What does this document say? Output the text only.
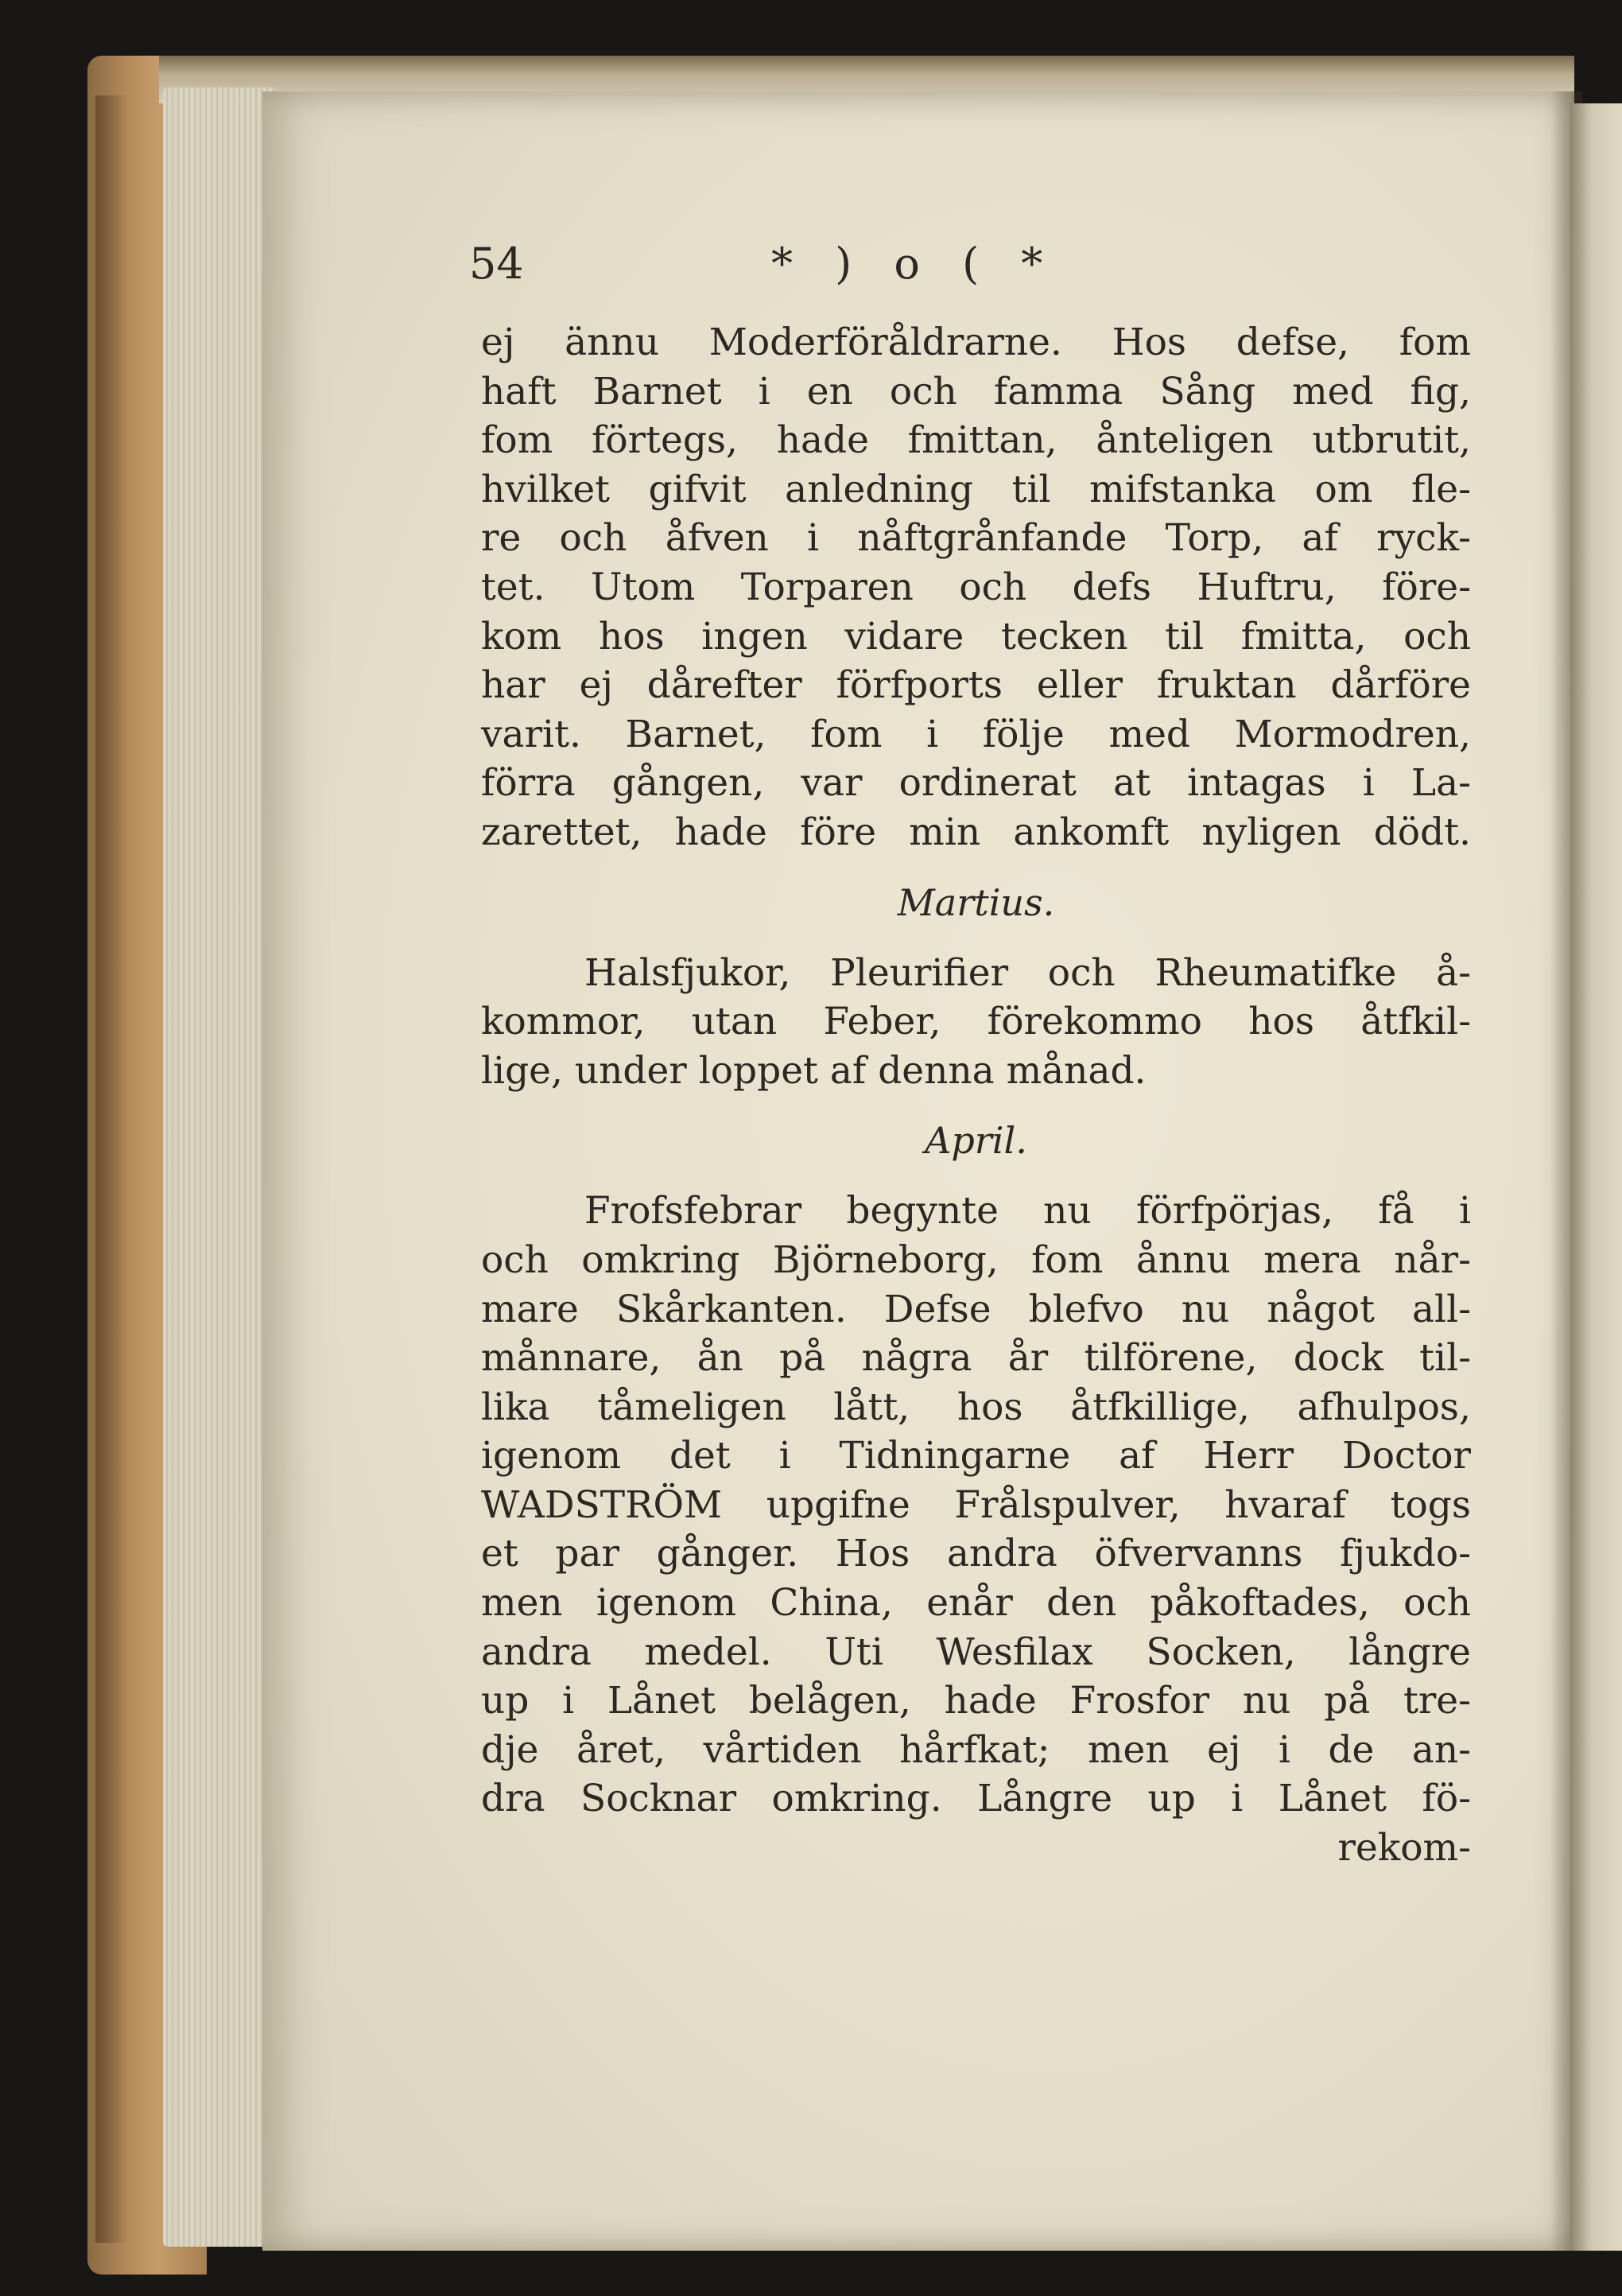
54	* ) o ( *
ej ännu Moderföråldrarne. Hos defse, fom
haft Barnet i en och famma Sång med fig,
fom förtegs, hade fmittan, ånteligen utbrutit,
hvilket gifvit anledning til mifstanka om fle-
re och åfven i nåftgrånfande Torp, af ryck-
tet. Utom Torparen och defs Huftru, före-
kom hos ingen vidare tecken til fmitta, och
har ej dårefter förfports eller fruktan dårföre
varit. Barnet, fom i följe med Mormodren,
förra gången, var ordinerat at intagas i La-
zarettet, hade före min ankomft nyligen dödt.
Martius.
Halsfjukor, Pleurifier och Rheumatifke å-
kommor, utan Feber, förekommo hos åtfkil-
lige, under loppet af denna månad.
April.
Frofsfebrar begynte nu förfpörjas, få i
och omkring Björneborg, fom ånnu mera når-
mare Skårkanten. Defse blefvo nu något all-
månnare, ån på några år tilförene, dock til-
lika tåmeligen lått, hos åtfkillige, afhulpos,
igenom det i Tidningarne af Herr Doctor
WADSTRÖM upgifne Frålspulver, hvaraf togs
et par gånger. Hos andra öfvervanns fjukdo-
men igenom China, enår den påkoftades, och
andra medel. Uti Wesfilax Socken, långre
up i Lånet belågen, hade Frosfor nu på tre-
dje året, vårtiden hårfkat; men ej i de an-
dra Socknar omkring. Långre up i Lånet fö-
rekom-
